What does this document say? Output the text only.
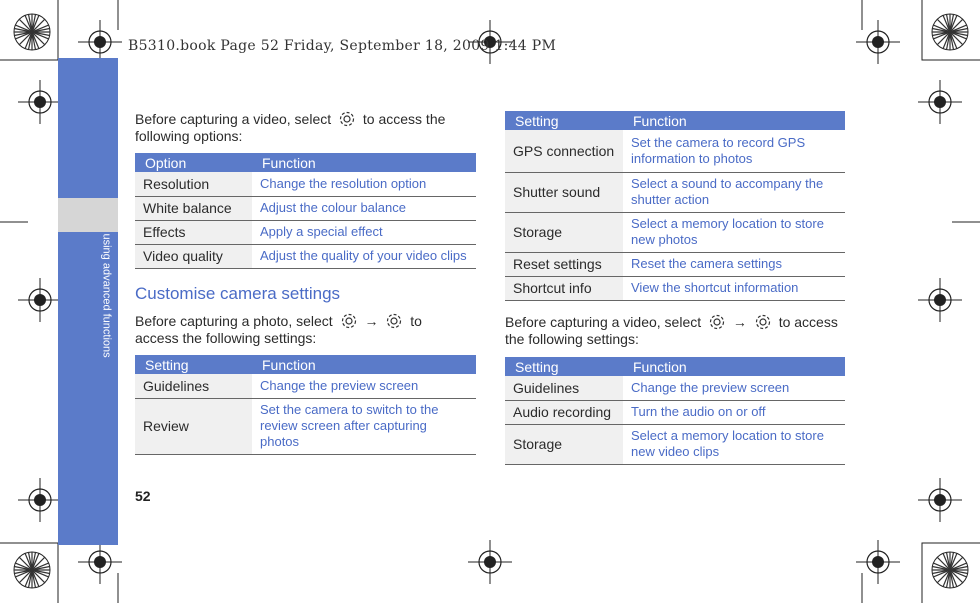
B5310.book Page 52 Friday, September 18, 2009 1:44 PM
using advanced functions
52
Before capturing a video, select to access the following options:
Option	Function
Resolution	Change the resolution option
White balance	Adjust the colour balance
Effects	Apply a special effect
Video quality	Adjust the quality of your video clips
Customise camera settings
Before capturing a photo, select → to access the following settings:
Setting	Function
Guidelines	Change the preview screen
Review	Set the camera to switch to the review screen after capturing photos
Setting	Function
GPS connection	Set the camera to record GPS information to photos
Shutter sound	Select a sound to accompany the shutter action
Storage	Select a memory location to store new photos
Reset settings	Reset the camera settings
Shortcut info	View the shortcut information
Before capturing a video, select → to access the following settings:
Setting	Function
Guidelines	Change the preview screen
Audio recording	Turn the audio on or off
Storage	Select a memory location to store new video clips
